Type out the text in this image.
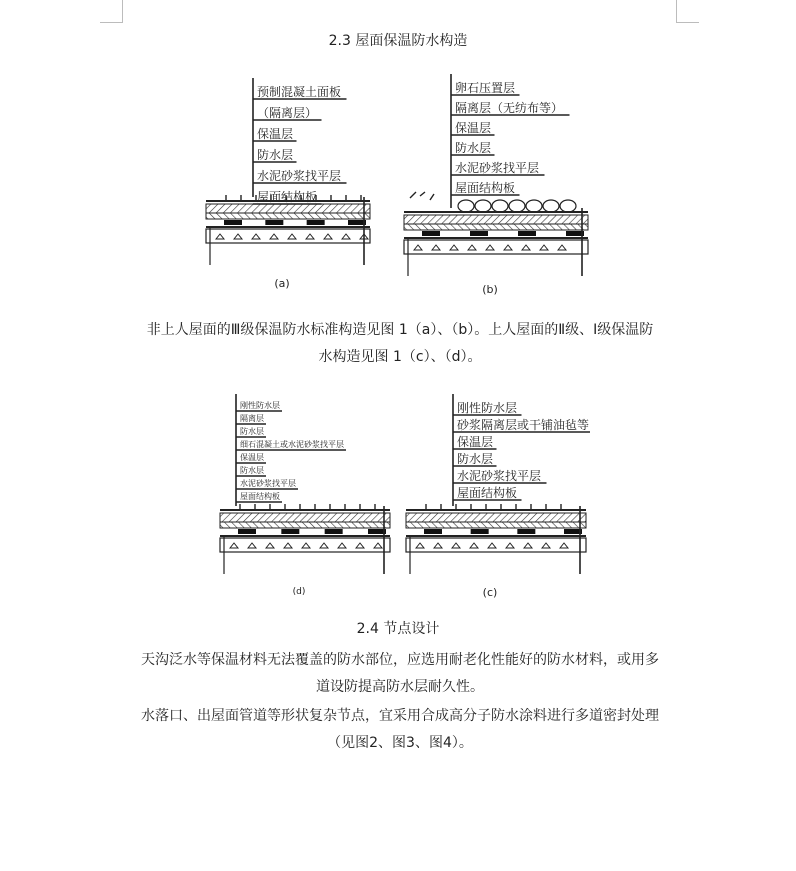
2.3 屋面保温防水构造
预制混凝土面板
（隔离层）
保温层
防水层
水泥砂浆找平层
屋面结构板
(a)
卵石压置层
隔离层（无纺布等）
保温层
防水层
水泥砂浆找平层
屋面结构板
(b)
非上人屋面的Ⅲ级保温防水标准构造见图 1（a）、（b）。上人屋面的Ⅱ级、Ⅰ级保温防水构造见图 1（c）、（d）。
刚性防水层
隔离层
防水层
细石混凝土或水泥砂浆找平层
保温层
防水层
水泥砂浆找平层
屋面结构板
(d)
刚性防水层
砂浆隔离层或干铺油毡等
保温层
防水层
水泥砂浆找平层
屋面结构板
(c)
2.4 节点设计
天沟泛水等保温材料无法覆盖的防水部位，应选用耐老化性能好的防水材料，或用多道设防提高防水层耐久性。
水落口、出屋面管道等形状复杂节点，宜采用合成高分子防水涂料进行多道密封处理（见图2、图3、图4）。
